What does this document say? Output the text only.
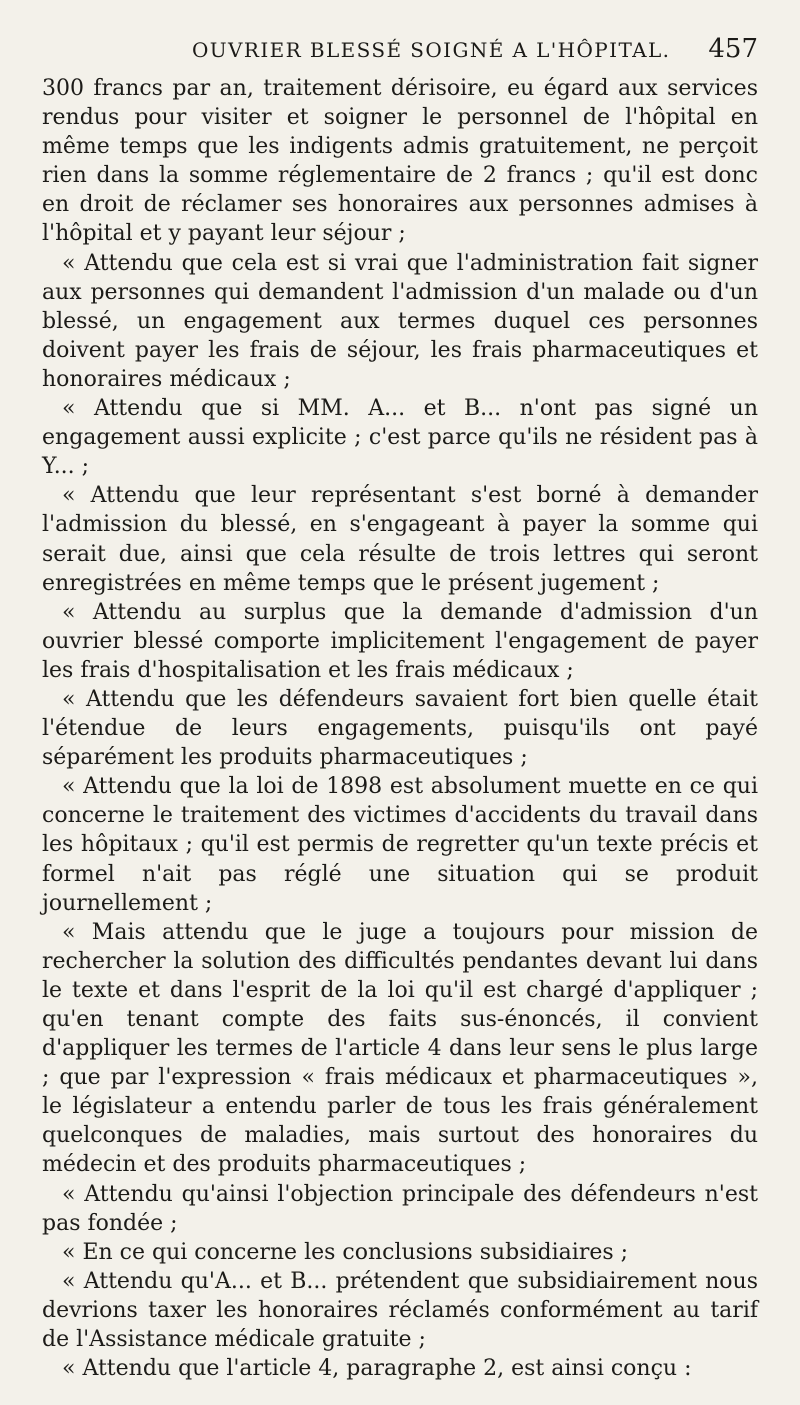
OUVRIER BLESSÉ SOIGNÉ A L'HÔPITAL. 457

300 francs par an, traitement dérisoire, eu égard aux services rendus pour visiter et soigner le personnel de l'hôpital en même temps que les indigents admis gratuitement, ne perçoit rien dans la somme réglementaire de 2 francs ; qu'il est donc en droit de réclamer ses honoraires aux personnes admises à l'hôpital et y payant leur séjour ;

« Attendu que cela est si vrai que l'administration fait signer aux personnes qui demandent l'admission d'un malade ou d'un blessé, un engagement aux termes duquel ces personnes doivent payer les frais de séjour, les frais pharmaceutiques et honoraires médicaux ;

« Attendu que si MM. A... et B... n'ont pas signé un engagement aussi explicite ; c'est parce qu'ils ne résident pas à Y... ;

« Attendu que leur représentant s'est borné à demander l'admission du blessé, en s'engageant à payer la somme qui serait due, ainsi que cela résulte de trois lettres qui seront enregistrées en même temps que le présent jugement ;

« Attendu au surplus que la demande d'admission d'un ouvrier blessé comporte implicitement l'engagement de payer les frais d'hospitalisation et les frais médicaux ;

« Attendu que les défendeurs savaient fort bien quelle était l'étendue de leurs engagements, puisqu'ils ont payé séparément les produits pharmaceutiques ;

« Attendu que la loi de 1898 est absolument muette en ce qui concerne le traitement des victimes d'accidents du travail dans les hôpitaux ; qu'il est permis de regretter qu'un texte précis et formel n'ait pas réglé une situation qui se produit journellement ;

« Mais attendu que le juge a toujours pour mission de rechercher la solution des difficultés pendantes devant lui dans le texte et dans l'esprit de la loi qu'il est chargé d'appliquer ; qu'en tenant compte des faits sus-énoncés, il convient d'appliquer les termes de l'article 4 dans leur sens le plus large ; que par l'expression « frais médicaux et pharmaceutiques », le législateur a entendu parler de tous les frais généralement quelconques de maladies, mais surtout des honoraires du médecin et des produits pharmaceutiques ;

« Attendu qu'ainsi l'objection principale des défendeurs n'est pas fondée ;

« En ce qui concerne les conclusions subsidiaires ;

« Attendu qu'A... et B... prétendent que subsidiairement nous devrions taxer les honoraires réclamés conformément au tarif de l'Assistance médicale gratuite ;

« Attendu que l'article 4, paragraphe 2, est ainsi conçu :
